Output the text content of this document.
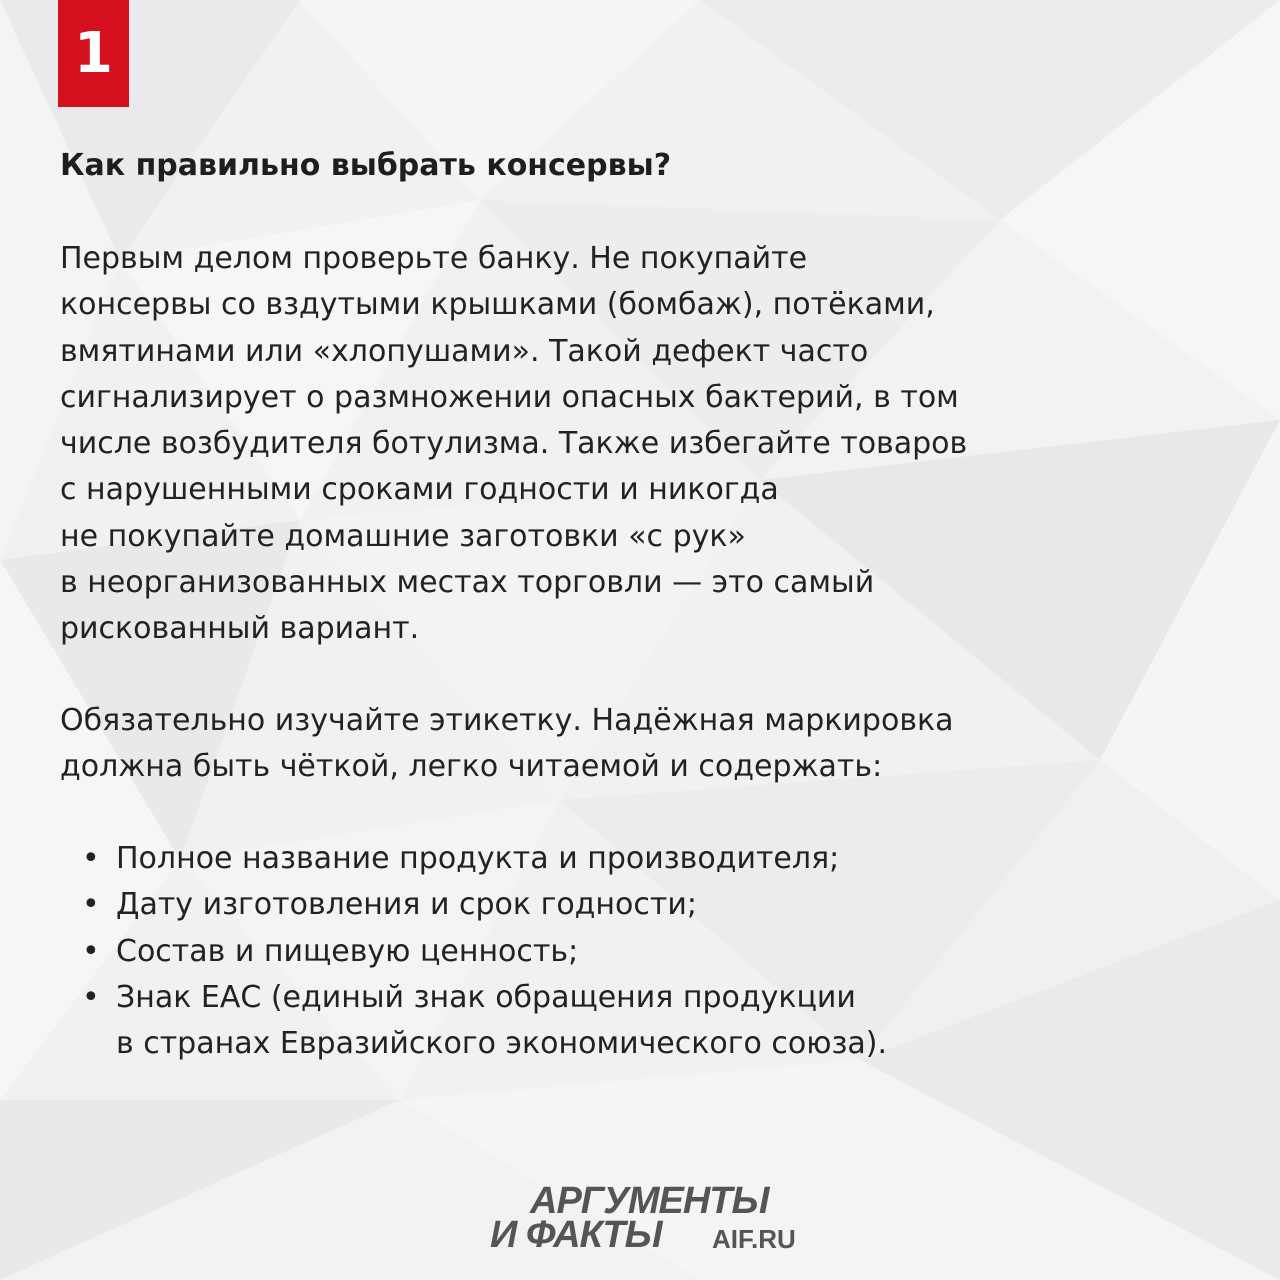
1
Как правильно выбрать консервы?

Первым делом проверьте банку. Не покупайте
консервы со вздутыми крышками (бомбаж), потёками,
вмятинами или «хлопушами». Такой дефект часто
сигнализирует о размножении опасных бактерий, в том
числе возбудителя ботулизма. Также избегайте товаров
с нарушенными сроками годности и никогда
не покупайте домашние заготовки «с рук»
в неорганизованных местах торговли — это самый
рискованный вариант.

Обязательно изучайте этикетку. Надёжная маркировка
должна быть чёткой, легко читаемой и содержать:

• Полное название продукта и производителя;
• Дату изготовления и срок годности;
• Состав и пищевую ценность;
• Знак ЕАС (единый знак обращения продукции
в странах Евразийского экономического союза).
АРГУМЕНТЫ
И ФАКТЫ AIF.RU
